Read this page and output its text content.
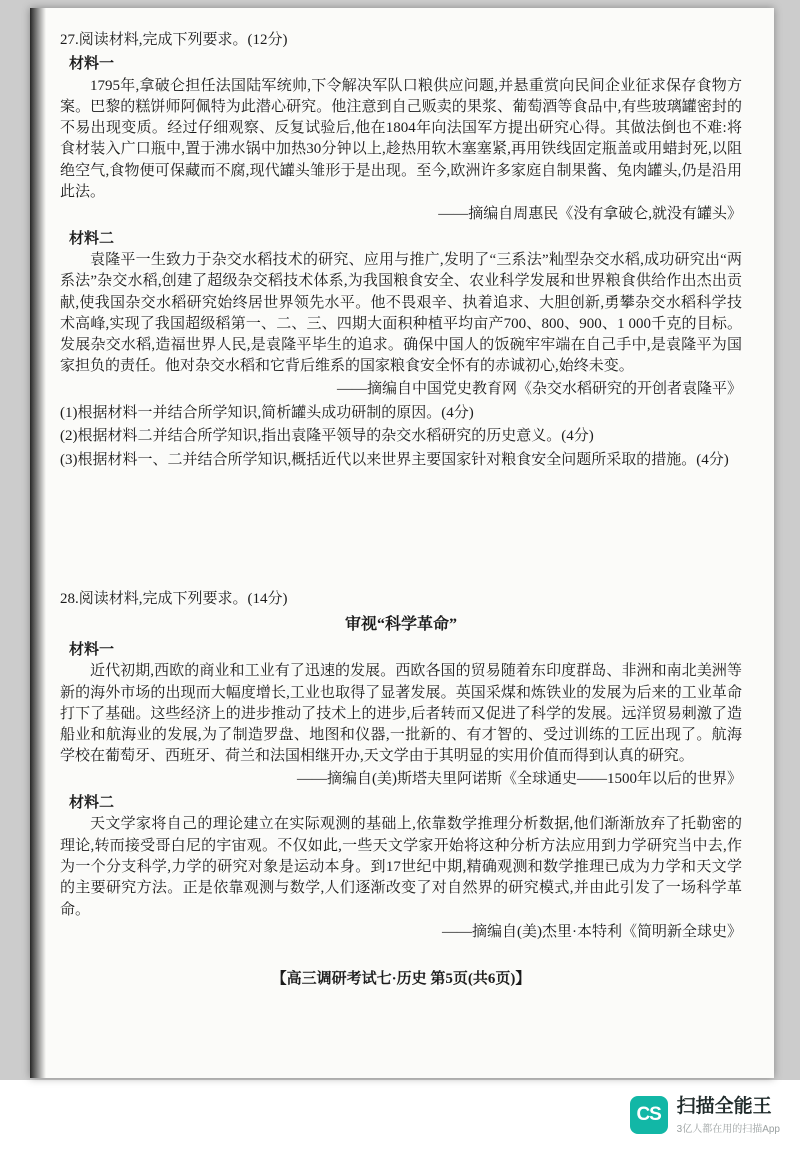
27.阅读材料,完成下列要求。(12分)
材料一

1795年,拿破仑担任法国陆军统帅,下令解决军队口粮供应问题,并悬重赏向民间企业征求保存食物方案。巴黎的糕饼师阿佩特为此潜心研究。他注意到自己贩卖的果浆、葡萄酒等食品中,有些玻璃罐密封的不易出现变质。经过仔细观察、反复试验后,他在1804年向法国军方提出研究心得。其做法倒也不难:将食材装入广口瓶中,置于沸水锅中加热30分钟以上,趁热用软木塞塞紧,再用铁线固定瓶盖或用蜡封死,以阻绝空气,食物便可保藏而不腐,现代罐头雏形于是出现。至今,欧洲许多家庭自制果酱、兔肉罐头,仍是沿用此法。

——摘编自周惠民《没有拿破仑,就没有罐头》
材料二

袁隆平一生致力于杂交水稻技术的研究、应用与推广,发明了“三系法”籼型杂交水稻,成功研究出“两系法”杂交水稻,创建了超级杂交稻技术体系,为我国粮食安全、农业科学发展和世界粮食供给作出杰出贡献,使我国杂交水稻研究始终居世界领先水平。他不畏艰辛、执着追求、大胆创新,勇攀杂交水稻科学技术高峰,实现了我国超级稻第一、二、三、四期大面积种植平均亩产700、800、900、1 000千克的目标。发展杂交水稻,造福世界人民,是袁隆平毕生的追求。确保中国人的饭碗牢牢端在自己手中,是袁隆平为国家担负的责任。他对杂交水稻和它背后维系的国家粮食安全怀有的赤诚初心,始终未变。

——摘编自中国党史教育网《杂交水稻研究的开创者袁隆平》
(1)根据材料一并结合所学知识,简析罐头成功研制的原因。(4分)
(2)根据材料二并结合所学知识,指出袁隆平领导的杂交水稻研究的历史意义。(4分)
(3)根据材料一、二并结合所学知识,概括近代以来世界主要国家针对粮食安全问题所采取的措施。(4分)
28.阅读材料,完成下列要求。(14分)
审视“科学革命”
材料一

近代初期,西欧的商业和工业有了迅速的发展。西欧各国的贸易随着东印度群岛、非洲和南北美洲等新的海外市场的出现而大幅度增长,工业也取得了显著发展。英国采煤和炼铁业的发展为后来的工业革命打下了基础。这些经济上的进步推动了技术上的进步,后者转而又促进了科学的发展。远洋贸易刺激了造船业和航海业的发展,为了制造罗盘、地图和仪器,一批新的、有才智的、受过训练的工匠出现了。航海学校在葡萄牙、西班牙、荷兰和法国相继开办,天文学由于其明显的实用价值而得到认真的研究。

——摘编自(美)斯塔夫里阿诺斯《全球通史——1500年以后的世界》
材料二

天文学家将自己的理论建立在实际观测的基础上,依靠数学推理分析数据,他们渐渐放弃了托勒密的理论,转而接受哥白尼的宇宙观。不仅如此,一些天文学家开始将这种分析方法应用到力学研究当中去,作为一个分支科学,力学的研究对象是运动本身。到17世纪中期,精确观测和数学推理已成为力学和天文学的主要研究方法。正是依靠观测与数学,人们逐渐改变了对自然界的研究模式,并由此引发了一场科学革命。

——摘编自(美)杰里·本特利《简明新全球史》
【高三调研考试七·历史 第5页(共6页)】
CS 扫描全能王
3亿人都在用的扫描App
